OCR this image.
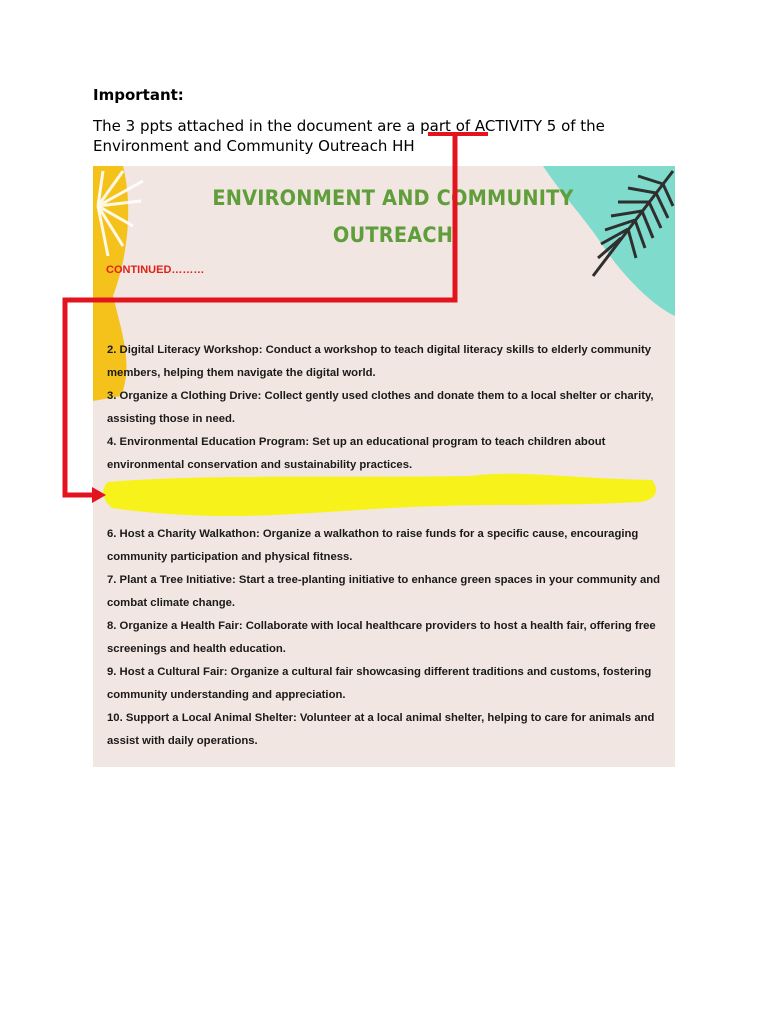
Important:

The 3 ppts attached in the document are a part of ACTIVITY 5 of the
Environment and Community Outreach HH

ENVIRONMENT AND COMMUNITY

OUTREACH

CONTINUED………

2. Digital Literacy Workshop: Conduct a workshop to teach digital literacy skills to elderly community members, helping them navigate the digital world.
3. Organize a Clothing Drive: Collect gently used clothes and donate them to a local shelter or charity, assisting those in need.
4. Environmental Education Program: Set up an educational program to teach children about environmental conservation and sustainability practices.
6. Host a Charity Walkathon: Organize a walkathon to raise funds for a specific cause, encouraging community participation and physical fitness.
7. Plant a Tree Initiative: Start a tree-planting initiative to enhance green spaces in your community and combat climate change.
8. Organize a Health Fair: Collaborate with local healthcare providers to host a health fair, offering free screenings and health education.
9. Host a Cultural Fair: Organize a cultural fair showcasing different traditions and customs, fostering community understanding and appreciation.
10. Support a Local Animal Shelter: Volunteer at a local animal shelter, helping to care for animals and assist with daily operations.
